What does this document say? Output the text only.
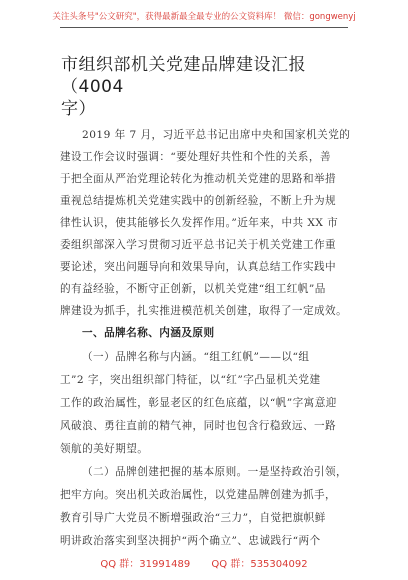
关注头条号"公文研究"，获得最新最全最专业的公文资料库！ 微信：gongwenyj
市组织部机关党建品牌建设汇报（4004
字）
2019 年 7 月，习近平总书记出席中央和国家机关党的
建设工作会议时强调：“要处理好共性和个性的关系，善
于把全面从严治党理论转化为推动机关党建的思路和举措
重视总结提炼机关党建实践中的创新经验，不断上升为规
律性认识，使其能够长久发挥作用。”近年来，中共 XX 市
委组织部深入学习贯彻习近平总书记关于机关党建工作重
要论述，突出问题导向和效果导向，认真总结工作实践中
的有益经验，不断守正创新，以机关党建“组工红帆”品
牌建设为抓手，扎实推进模范机关创建，取得了一定成效。
一、品牌名称、内涵及原则
（一）品牌名称与内涵。“组工红帆”——以“组
工”2 字，突出组织部门特征，以“红”字凸显机关党建
工作的政治属性，彰显老区的红色底蕴，以“帆”字寓意迎
风破浪、勇往直前的精气神，同时也包含行稳致远、一路
领航的美好期望。
（二）品牌创建把握的基本原则。一是坚持政治引领，
把牢方向。突出机关政治属性，以党建品牌创建为抓手，
教育引导广大党员不断增强政治“三力”，自觉把旗帜鲜
明讲政治落实到坚决拥护“两个确立”、忠诚践行“两个
QQ 群：31991489 QQ 群：535304092
